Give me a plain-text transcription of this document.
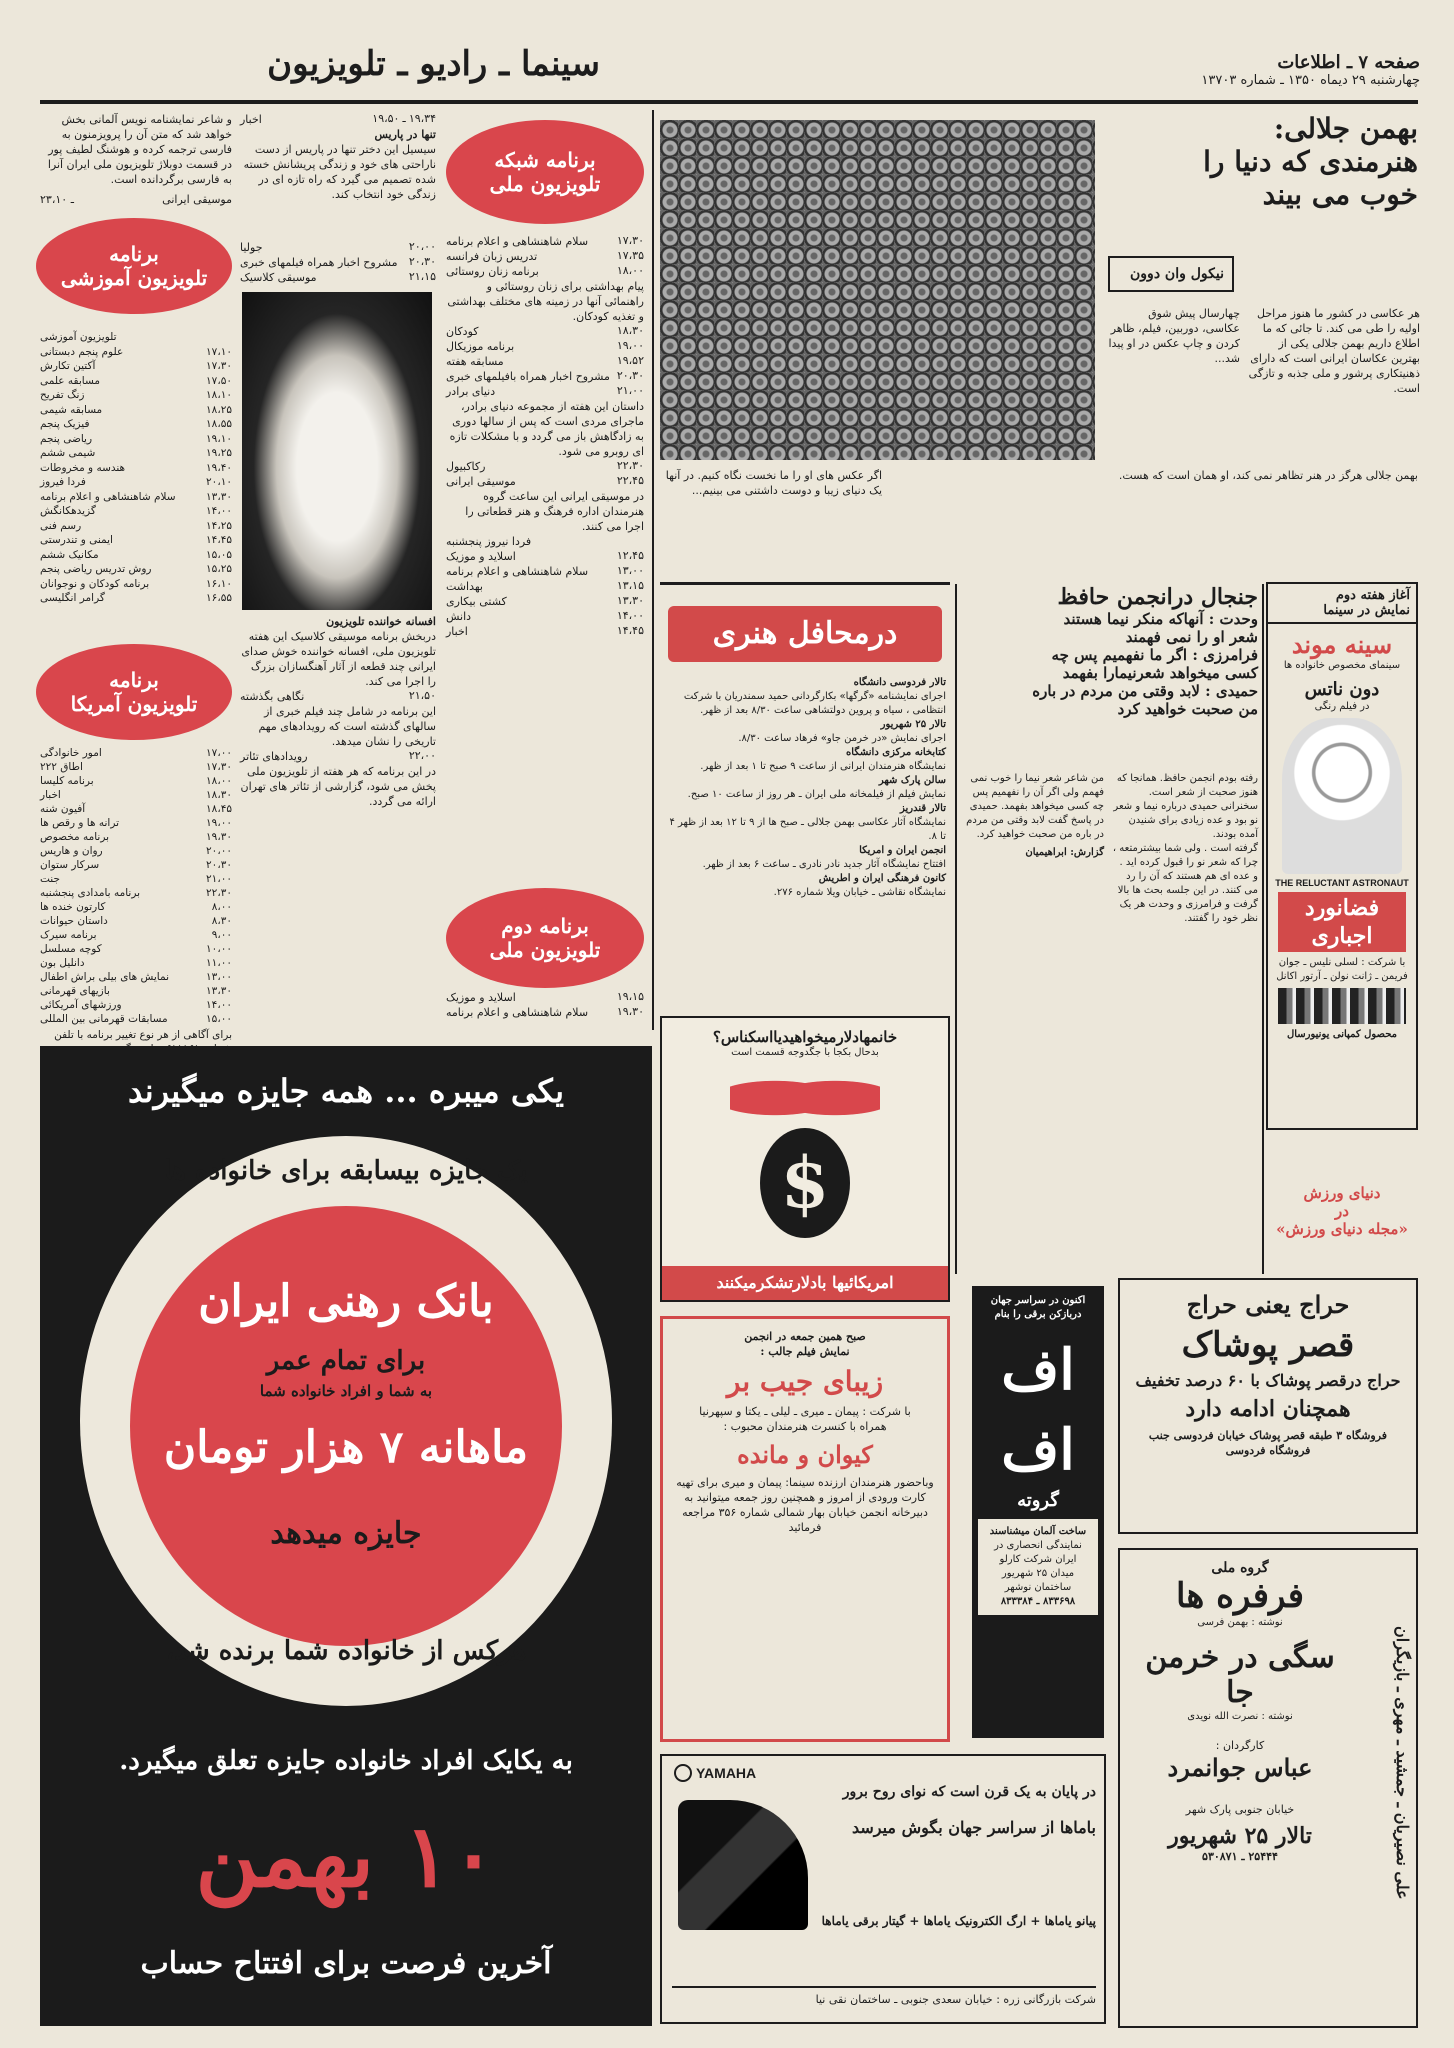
صفحه ۷ ـ اطلاعات
چهارشنبه ۲۹ دیماه ۱۳۵۰ ـ شماره ۱۳۷۰۳
سینما ـ رادیو ـ تلویزیون
بهمن جلالی:
هنرمندی که دنیا را
خوب می بیند
نیکول وان دوون
هر عکاسی در کشور ما هنوز مراحل اولیه را طی می کند. تا جائی که ما اطلاع داریم بهمن جلالی یکی از بهترین عکاسان ایرانی است که دارای ذهنیتکاری پرشور و ملی جذبه و تازگی است.
چهارسال پیش شوق عکاسی، دوربین، فیلم، ظاهر کردن و چاپ عکس در او پیدا شد...
اگر عکس های او را ما نخست نگاه کنیم. در آنها یک دنیای زیبا و دوست داشتنی می بینیم...
بهمن جلالی هرگز در هنر تظاهر نمی کند، او همان است که هست.
و شاعر نمایشنامه نویس آلمانی بخش خواهد شد که متن آن را پرویزمنون به فارسی ترجمه کرده و هوشنگ لطیف پور در قسمت دوبلاژ تلویزیون ملی ایران آنرا به فارسی برگردانده است.
۲۳،۱۰ ـ	موسیقی ایرانی
برنامه
تلویزیون آموزشی
تلویزیون آموزشی
۱۷،۱۰
علوم پنجم دبستانی
۱۷،۳۰
آکتین تکارش
۱۷،۵۰
مسابقه علمی
۱۸،۱۰
زنگ تفریح
۱۸،۲۵
مسابقه شیمی
۱۸،۵۵
فیزیک پنجم
۱۹،۱۰
ریاضی پنجم
۱۹،۲۵
شیمی ششم
۱۹،۴۰
هندسه و مخروطات
۲۰،۱۰
فردا فیروز
۱۳،۳۰
سلام شاهنشاهی و اعلام برنامه
۱۴،۰۰
گزیدهکانگش
۱۴،۲۵
رسم فنی
۱۴،۴۵
ایمنی و تندرستی
۱۵،۰۵
مکانیک ششم
۱۵،۲۵
روش تدریس ریاضی پنجم
۱۶،۱۰
برنامه کودکان و نوجوانان
۱۶،۵۵
گرامر انگلیسی
برنامه
تلویزیون آمریکا
۱۷،۰۰
امور خانوادگی
۱۷،۳۰
اطاق ۲۲۲
۱۸،۰۰
برنامه کلیسا
۱۸،۳۰
اخبار
۱۸،۴۵
آفیون شنه
۱۹،۰۰
ترانه ها و رقص ها
۱۹،۳۰
برنامه مخصوص
۲۰،۰۰
روان و هاریس
۲۰،۳۰
سرکار ستوان
۲۱،۰۰
جنت
۲۲،۳۰
برنامه بامدادی پنجشنبه
۸،۰۰
کارتون خنده ها
۸،۳۰
داستان حیوانات
۹،۰۰
برنامه سیرک
۱۰،۰۰
کوچه مسلسل
۱۱،۰۰
دانلیل بون
۱۳،۰۰
نمایش های بیلی براش اطفال
۱۳،۳۰
بازیهای قهرمانی
۱۴،۰۰
ورزشهای آمریکائی
۱۵،۰۰
مسابقات قهرمانی بین المللی
برای آگاهی از هر نوع تغییر برنامه با تلفن
۱۹،۳۴ ـ ۱۹،۵۰
اخبار
تنها در پاریس
سیسیل این دختر تنها در پاریس از دست ناراحتی های خود و زندگی پریشانش خسته شده تصمیم می گیرد که راه تازه ای در زندگی خود انتخاب کند.
۲۰،۰۰
جولیا
۲۰،۳۰
مشروح اخبار همراه فیلمهای خبری
۲۱،۱۵
موسیقی کلاسیک
افسانه خواننده تلویزیون
دربخش برنامه موسیقی کلاسیک این هفته تلویزیون ملی، افسانه خواننده خوش صدای ایرانی چند قطعه از آثار آهنگسازان بزرگ را اجرا می کند.
۲۱،۵۰
نگاهی بگذشته
این برنامه در شامل چند فیلم خبری از سالهای گذشته است که رویدادهای مهم تاریخی را نشان میدهد.
۲۲،۰۰
رویدادهای تئاتر
در این برنامه که هر هفته از تلویزیون ملی پخش می شود، گزارشی از تئاتر های تهران ارائه می گردد.
برنامه شبکه
تلویزیون ملی
۱۷،۳۰
سلام شاهنشاهی و اعلام برنامه
۱۷،۳۵
تدریس زبان فرانسه
۱۸،۰۰
برنامه زنان روستائی
پیام بهداشتی برای زنان روستائی و راهنمائی آنها در زمینه های مختلف بهداشتی و تغذیه کودکان.
۱۸،۳۰
کودکان
۱۹،۰۰
برنامه موزیکال
۱۹،۵۲
مسابقه هفته
۲۰،۳۰
مشروح اخبار همراه بافیلمهای خبری
۲۱،۰۰
دنیای برادر
داستان این هفته از مجموعه دنیای برادر، ماجرای مردی است که پس از سالها دوری به زادگاهش باز می گردد و با مشکلات تازه ای روبرو می شود.
۲۲،۳۰
رکاکبیول
۲۲،۴۵
موسیقی ایرانی
در موسیقی ایرانی این ساعت گروه هنرمندان اداره فرهنگ و هنر قطعاتی را اجرا می کنند.
فردا نیروز پنجشنبه
۱۲،۴۵
اسلاید و موزیک
۱۳،۰۰
سلام شاهنشاهی و اعلام برنامه
۱۳،۱۵
بهداشت
۱۳،۳۰
کشتی بیکاری
۱۴،۰۰
دانش
۱۴،۴۵
اخبار
برنامه دوم
تلویزیون ملی
۱۹،۱۵
اسلاید و موزیک
۱۹،۳۰
سلام شاهنشاهی و اعلام برنامه
درمحافل هنری
تالار فردوسی دانشگاه
اجرای نمایشنامه «گرگها» بکارگردانی حمید سمندریان با شرکت انتظامی ، سیاه و پروین دولتشاهی ساعت ۸/۳۰ بعد از ظهر.
تالار ۲۵ شهریور
اجرای نمایش «در خرمن جاو» فرهاد ساعت ۸/۳۰.
کتابخانه مرکزی دانشگاه
نمایشگاه هنرمندان ایرانی از ساعت ۹ صبح تا ۱ بعد از ظهر.
سالن پارک شهر
نمایش فیلم از فیلمخانه ملی ایران ـ هر روز از ساعت ۱۰ صبح.
تالار قندریز
نمایشگاه آثار عکاسی بهمن جلالی ـ صبح ها از ۹ تا ۱۲ بعد از ظهر ۴ تا ۸.
انجمن ایران و امریکا
افتتاح نمایشگاه آثار جدید نادر نادری ـ ساعت ۶ بعد از ظهر.
کانون فرهنگی ایران و اطریش
نمایشگاه نقاشی ـ خیابان ویلا شماره ۲۷۶.
جنجال درانجمن حافظ
وحدت : آنهاکه منکر نیما هستند
شعر او را نمی فهمند
فرامرزی : اگر ما نفهمیم پس چه
کسی میخواهد شعرنیمارا بفهمد
حمیدی : لابد وقتی من مردم در باره
من صحبت خواهید کرد
رفته بودم انجمن حافظ. همانجا که هنوز صحبت از شعر است. سخنرانی حمیدی درباره نیما و شعر نو بود و عده زیادی برای شنیدن آمده بودند.
گرفته است . ولی شما بیشترمتعه ، چرا که شعر نو را قبول کرده اید . و عده ای هم هستند که آن را رد می کنند. در این جلسه بحث ها بالا گرفت و فرامرزی و وحدت هر یک نظر خود را گفتند.
من شاعر شعر نیما را خوب نمی فهمم ولی اگر آن را نفهمیم پس چه کسی میخواهد بفهمد. حمیدی در پاسخ گفت لابد وقتی من مردم در باره من صحبت خواهید کرد.
گزارش: ابراهیمیان
آغاز هفته دوم
نمایش در سینما
سینه موند
سینمای مخصوص خانواده ها
دون ناتس
در فیلم رنگی
THE RELUCTANT ASTRONAUT
فضانورد
اجباری
با شرکت : لسلی نلیس ـ جوان فریمن ـ ژانت نولن ـ آرتور اکانل
محصول کمپانی یونیورسال
دنیای ورزش
در
«مجله دنیای ورزش»
یکی میبره ... همه جایزه میگیرند
یک جایزه بیسابقه برای خانواده ها
بانک رهنی ایران
برای تمام عمر
به شما و افراد خانواده شما
ماهانه ۷ هزار تومان
جایزه میدهد
هرکس از خانواده شما برنده شد،
به یکایک افراد خانواده جایزه تعلق میگیرد.
۱۰ بهمن
آخرین فرصت برای افتتاح حساب
خانمهادلارمیخواهیدیااسکناس؟
بدحال بکجا با جگدوجه قسمت است
$
امریکائیها بادلارتشکرمیکنند
صبح همین جمعه در انجمن
نمایش فیلم جالب :
زیبای جیب بر
با شرکت : پیمان ـ میری ـ لیلی ـ یکتا و سپهرنیا
همراه با کنسرت هنرمندان محبوب :
کیوان و مانده
وباحضور هنرمندان ارزنده سینما: پیمان و میری برای تهیه کارت ورودی از امروز و همچنین روز جمعه میتوانید به دبیرخانه انجمن خیابان بهار شمالی شماره ۳۵۶ مراجعه فرمائید
اکنون در سراسر جهان دربازکن برقی را بنام
اف اف
گروته
ساخت آلمان میشناسند
نمایندگی انحصاری در ایران شرکت کارلو
میدان ۲۵ شهریور ساختمان نوشهر
۸۳۳۶۹۸ ـ ۸۳۳۳۸۴
حراج یعنی حراج
قصر پوشاک
حراج درقصر پوشاک با ۶۰ درصد تخفیف
همچنان ادامه دارد
فروشگاه ۳ طبقه قصر پوشاک خیابان فردوسی جنب فروشگاه فردوسی
علی نصیریان ـ جمشید ـ مهری ـ بازیگران
گروه ملی
فرفره ها
نوشته : بهمن فرسی
سگی در خرمن جا
نوشته : نصرت الله نویدی
کارگردان :
عباس جوانمرد
خیابان جنوبی پارک شهر
تالار ۲۵ شهریور
۲۵۴۴۴ ـ ۵۳۰۸۷۱
YAMAHA
در پایان به یک قرن است که نوای روح برور
باماها از سراسر جهان بگوش میرسد
پیانو یاماها + ارگ الکترونیک یاماها + گیتار برقی یاماها
شرکت بازرگانی زره : خیابان سعدی جنوبی ـ ساختمان نقی نیا
